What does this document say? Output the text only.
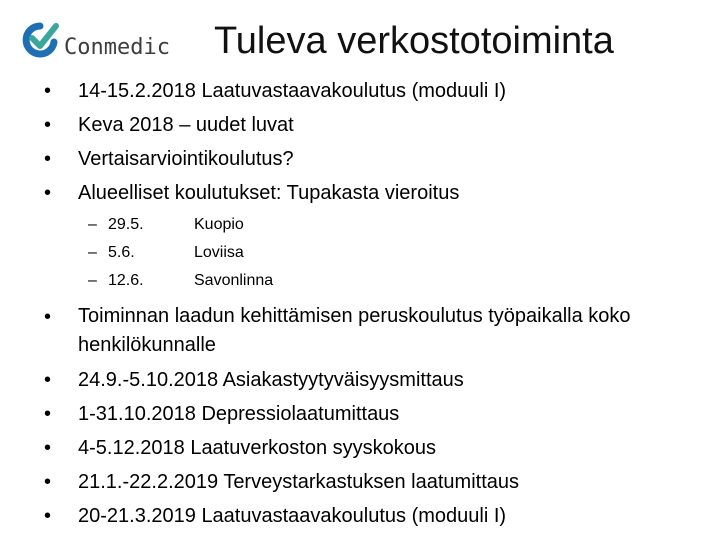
Conmedic Tuleva verkostotoiminta
• 14-15.2.2018 Laatuvastaavakoulutus (moduuli I)
• Keva 2018 – uudet luvat
• Vertaisarviointikoulutus?
• Alueelliset koulutukset: Tupakasta vieroitus
– 29.5.	Kuopio
– 5.6.	Loviisa
– 12.6.	Savonlinna
• Toiminnan laadun kehittämisen peruskoulutus työpaikalla koko henkilökunnalle
• 24.9.-5.10.2018 Asiakastyytyväisyysmittaus
• 1-31.10.2018 Depressiolaatumittaus
• 4-5.12.2018 Laatuverkoston syyskokous
• 21.1.-22.2.2019 Terveystarkastuksen laatumittaus
• 20-21.3.2019 Laatuvastaavakoulutus (moduuli I)
